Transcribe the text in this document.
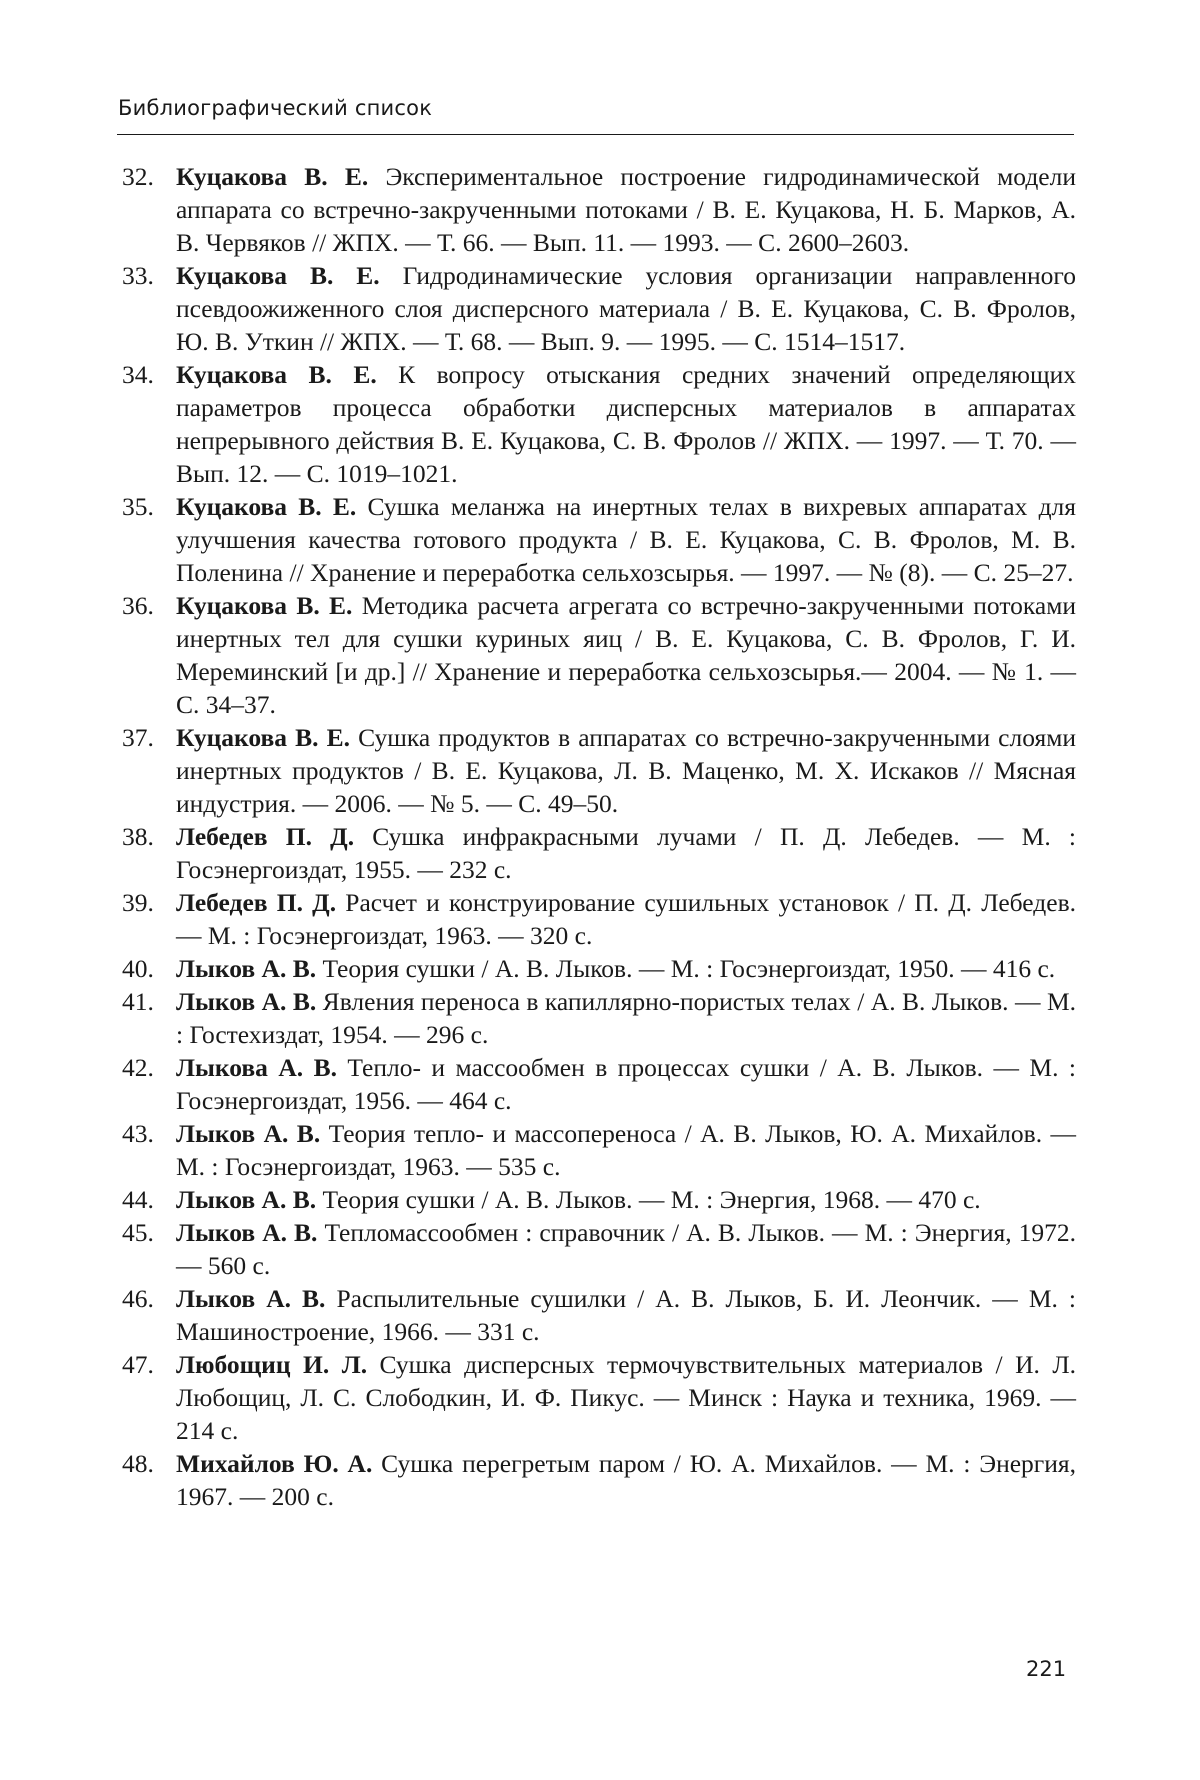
Библиографический список
32. Куцакова В. Е. Экспериментальное построение гидродинамической модели аппарата со встречно-закрученными потоками / В. Е. Куцакова, Н. Б. Марков, А. В. Червяков // ЖПХ. — Т. 66. — Вып. 11. — 1993. — С. 2600–2603.
33. Куцакова В. Е. Гидродинамические условия организации направленного псевдоожиженного слоя дисперсного материала / В. Е. Куцакова, С. В. Фролов, Ю. В. Уткин // ЖПХ. — Т. 68. — Вып. 9. — 1995. — С. 1514–1517.
34. Куцакова В. Е. К вопросу отыскания средних значений определяющих параметров процесса обработки дисперсных материалов в аппаратах непрерывного действия В. Е. Куцакова, С. В. Фролов // ЖПХ. — 1997. — Т. 70. — Вып. 12. — С. 1019–1021.
35. Куцакова В. Е. Сушка меланжа на инертных телах в вихревых аппаратах для улучшения качества готового продукта / В. Е. Куцакова, С. В. Фролов, М. В. Поленина // Хранение и переработка сельхозсырья. — 1997. — № (8). — С. 25–27.
36. Куцакова В. Е. Методика расчета агрегата со встречно-закрученными потоками инертных тел для сушки куриных яиц / В. Е. Куцакова, С. В. Фролов, Г. И. Мереминский [и др.] // Хранение и переработка сельхозсырья.— 2004. — № 1. — С. 34–37.
37. Куцакова В. Е. Сушка продуктов в аппаратах со встречно-закрученными слоями инертных продуктов / В. Е. Куцакова, Л. В. Маценко, М. Х. Искаков // Мясная индустрия. — 2006. — № 5. — С. 49–50.
38. Лебедев П. Д. Сушка инфракрасными лучами / П. Д. Лебедев. — М. : Госэнергоиздат, 1955. — 232 с.
39. Лебедев П. Д. Расчет и конструирование сушильных установок / П. Д. Лебедев. — М. : Госэнергоиздат, 1963. — 320 с.
40. Лыков А. В. Теория сушки / А. В. Лыков. — М. : Госэнергоиздат, 1950. — 416 с.
41. Лыков А. В. Явления переноса в капиллярно-пористых телах / А. В. Лыков. — М. : Гостехиздат, 1954. — 296 с.
42. Лыкова А. В. Тепло- и массообмен в процессах сушки / А. В. Лыков. — М. : Госэнергоиздат, 1956. — 464 с.
43. Лыков А. В. Теория тепло- и массопереноса / А. В. Лыков, Ю. А. Михайлов. — М. : Госэнергоиздат, 1963. — 535 с.
44. Лыков А. В. Теория сушки / А. В. Лыков. — М. : Энергия, 1968. — 470 с.
45. Лыков А. В. Тепломассообмен : справочник / А. В. Лыков. — М. : Энергия, 1972. — 560 с.
46. Лыков А. В. Распылительные сушилки / А. В. Лыков, Б. И. Леончик. — М. : Машиностроение, 1966. — 331 с.
47. Любощиц И. Л. Сушка дисперсных термочувствительных материалов / И. Л. Любощиц, Л. С. Слободкин, И. Ф. Пикус. — Минск : Наука и техника, 1969. — 214 с.
48. Михайлов Ю. А. Сушка перегретым паром / Ю. А. Михайлов. — М. : Энергия, 1967. — 200 с.
221
